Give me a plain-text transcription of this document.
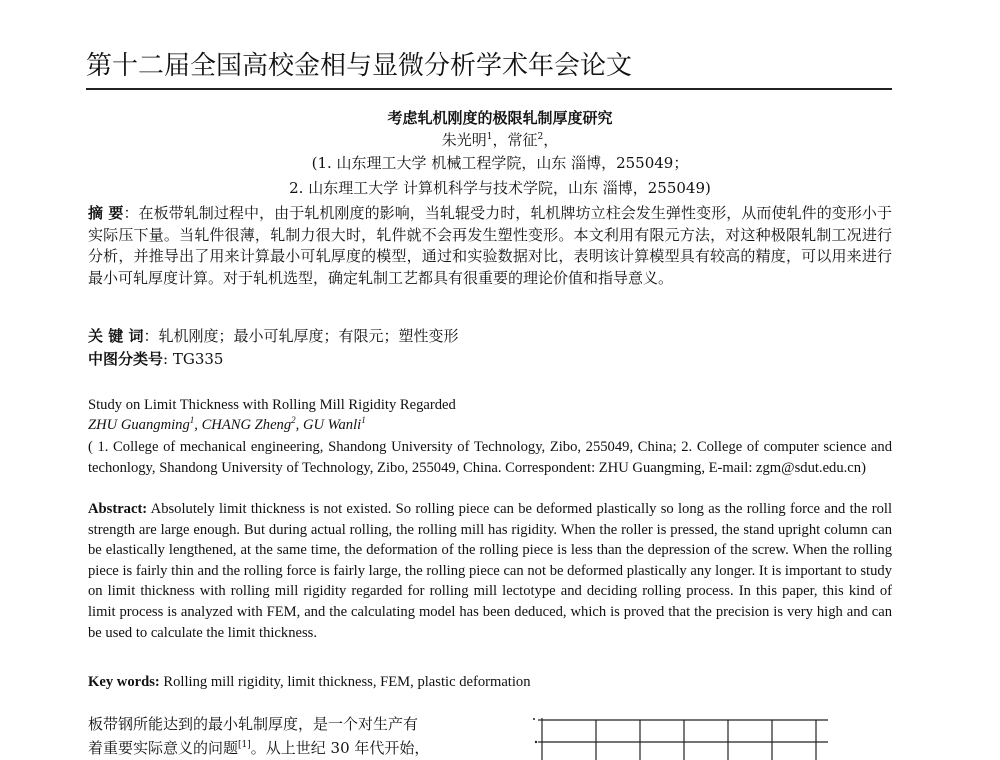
第十二届全国高校金相与显微分析学术年会论文
考虑轧机刚度的极限轧制厚度研究
朱光明$^1$，常征$^2$，
(1. 山东理工大学 机械工程学院，山东 淄博，255049；
2. 山东理工大学 计算机科学与技术学院，山东 淄博，255049)
摘 要：在板带轧制过程中，由于轧机刚度的影响，当轧辊受力时，轧机牌坊立柱会发生弹性变形，从而使轧件的变形小于实际压下量。当轧件很薄，轧制力很大时，轧件就不会再发生塑性变形。本文利用有限元方法，对这种极限轧制工况进行分析，并推导出了用来计算最小可轧厚度的模型，通过和实验数据对比，表明该计算模型具有较高的精度，可以用来进行最小可轧厚度计算。对于轧机选型，确定轧制工艺都具有很重要的理论价值和指导意义。
关 键 词：轧机刚度；最小可轧厚度；有限元；塑性变形
中图分类号: TG335
Study on Limit Thickness with Rolling Mill Rigidity Regarded
ZHU Guangming$^1$, CHANG Zheng$^2$, GU Wanli$^1$
( 1. College of mechanical engineering, Shandong University of Technology, Zibo, 255049, China; 2. College of computer science and techonlogy, Shandong University of Technology, Zibo, 255049, China. Correspondent: ZHU Guangming, E-mail: zgm@sdut.edu.cn)
Abstract: Absolutely limit thickness is not existed. So rolling piece can be deformed plastically so long as the rolling force and the roll strength are large enough. But during actual rolling, the rolling mill has rigidity. When the roller is pressed, the stand upright column can be elastically lengthened, at the same time, the deformation of the rolling piece is less than the depression of the screw. When the rolling piece is fairly thin and the rolling force is fairly large, the rolling piece can not be deformed plastically any longer. It is important to study on limit thickness with rolling mill rigidity regarded for rolling mill lectotype and deciding rolling process. In this paper, this kind of limit process is analyzed with FEM, and the calculating model has been deduced, which is proved that the precision is very high and can be used to calculate the limit thickness.
Key words: Rolling mill rigidity, limit thickness, FEM, plastic deformation
板带钢所能达到的最小轧制厚度，是一个对生产有
着重要实际意义的问题[1]。从上世纪 30 年代开始，
